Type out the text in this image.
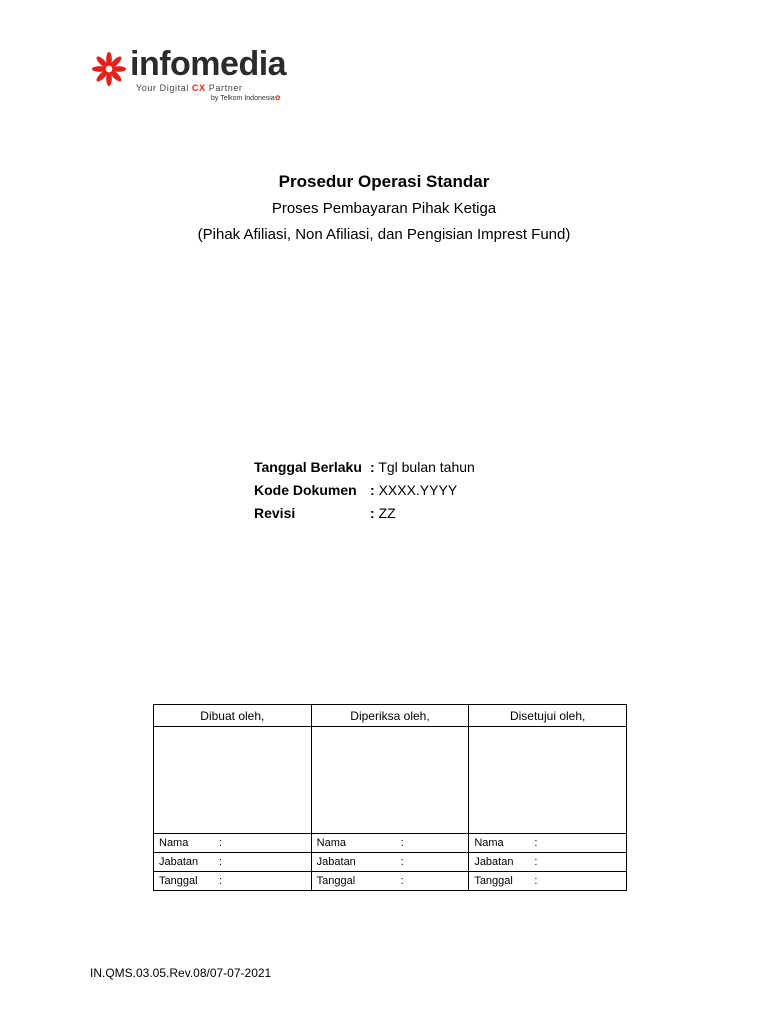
infomedia
Your Digital CX Partner
by Telkom Indonesia✿
Prosedur Operasi Standar
Proses Pembayaran Pihak Ketiga
(Pihak Afiliasi, Non Afiliasi, dan Pengisian Imprest Fund)
Tanggal Berlaku : Tgl bulan tahun
Kode Dokumen : XXXX.YYYY
Revisi	: ZZ
Dibuat oleh,	Diperiksa oleh,	Disetujui oleh,

Nama :	Nama :	Nama :
Jabatan :	Jabatan :	Jabatan :
Tanggal :	Tanggal :	Tanggal :
IN.QMS.03.05.Rev.08/07-07-2021
